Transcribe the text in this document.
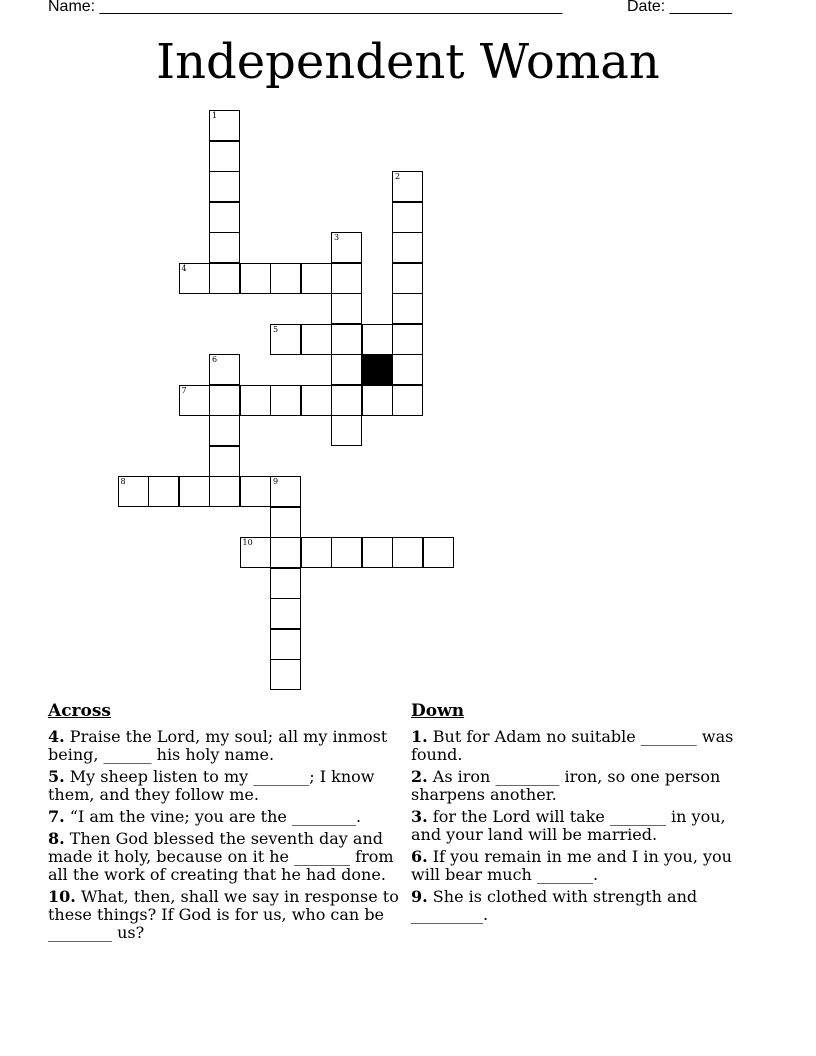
Name: ____________________________________________________	Date: _______
Independent Woman
4
5
7
8	9
10
1
2
3
6
Across
4. Praise the Lord, my soul; all my inmost being, ______ his holy name.
5. My sheep listen to my _______; I know them, and they follow me.
7. “I am the vine; you are the ________.
8. Then God blessed the seventh day and made it holy, because on it he _______ from all the work of creating that he had done.
10. What, then, shall we say in response to these things? If God is for us, who can be ________ us?
Down
1. But for Adam no suitable _______ was found.
2. As iron ________ iron, so one person sharpens another.
3. for the Lord will take _______ in you, and your land will be married.
6. If you remain in me and I in you, you will bear much _______.
9. She is clothed with strength and _________.
